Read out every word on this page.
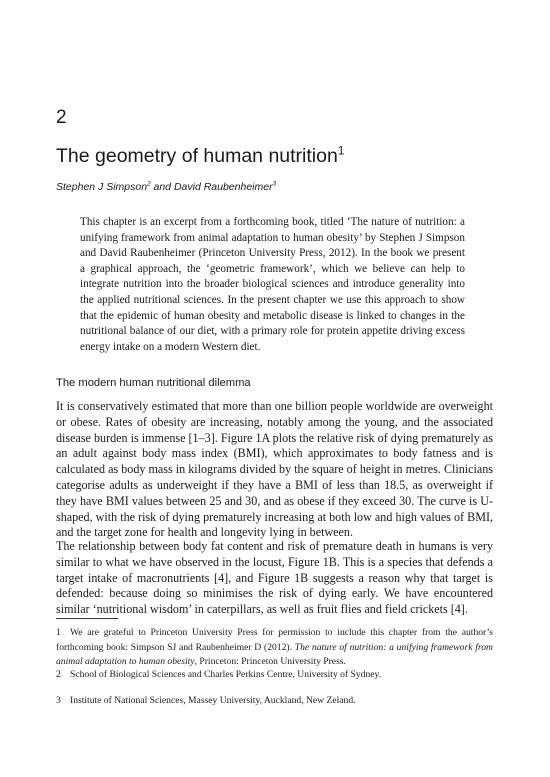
2
The geometry of human nutrition$^1$
Stephen J Simpson$^2$ and David Raubenheimer$^3$

This chapter is an excerpt from a forthcoming book, titled ‘The nature of nutrition: a unifying framework from animal adaptation to human obesity’ by Stephen J Simpson and David Raubenheimer (Princeton University Press, 2012). In the book we present a graphical approach, the ‘geometric framework’, which we believe can help to integrate nutrition into the broader biological sciences and introduce generality into the applied nutritional sciences. In the present chapter we use this approach to show that the epidemic of human obesity and metabolic disease is linked to changes in the nutritional balance of our diet, with a primary role for protein appetite driving excess energy intake on a modern Western diet.

The modern human nutritional dilemma

It is conservatively estimated that more than one billion people worldwide are overweight or obese. Rates of obesity are increasing, notably among the young, and the associated disease burden is immense [1–3]. Figure 1A plots the relative risk of dying prematurely as an adult against body mass index (BMI), which approximates to body fatness and is calculated as body mass in kilograms divided by the square of height in metres. Clinicians categorise adults as underweight if they have a BMI of less than 18.5, as overweight if they have BMI values between 25 and 30, and as obese if they exceed 30. The curve is U-shaped, with the risk of dying prematurely increasing at both low and high values of BMI, and the target zone for health and longevity lying in between.

The relationship between body fat content and risk of premature death in humans is very similar to what we have observed in the locust, Figure 1B. This is a species that defends a target intake of macronutrients [4], and Figure 1B suggests a reason why that target is defended: because doing so minimises the risk of dying early. We have encountered similar ‘nutritional wisdom’ in caterpillars, as well as fruit flies and field crickets [4].

1 We are grateful to Princeton University Press for permission to include this chapter from the author’s forthcoming book: Simpson SJ and Raubenheimer D (2012). The nature of nutrition: a unifying framework from animal adaptation to human obesity, Princeton: Princeton University Press.

2 School of Biological Sciences and Charles Perkins Centre, University of Sydney.

3 Institute of National Sciences, Massey University, Auckland, New Zeland.
